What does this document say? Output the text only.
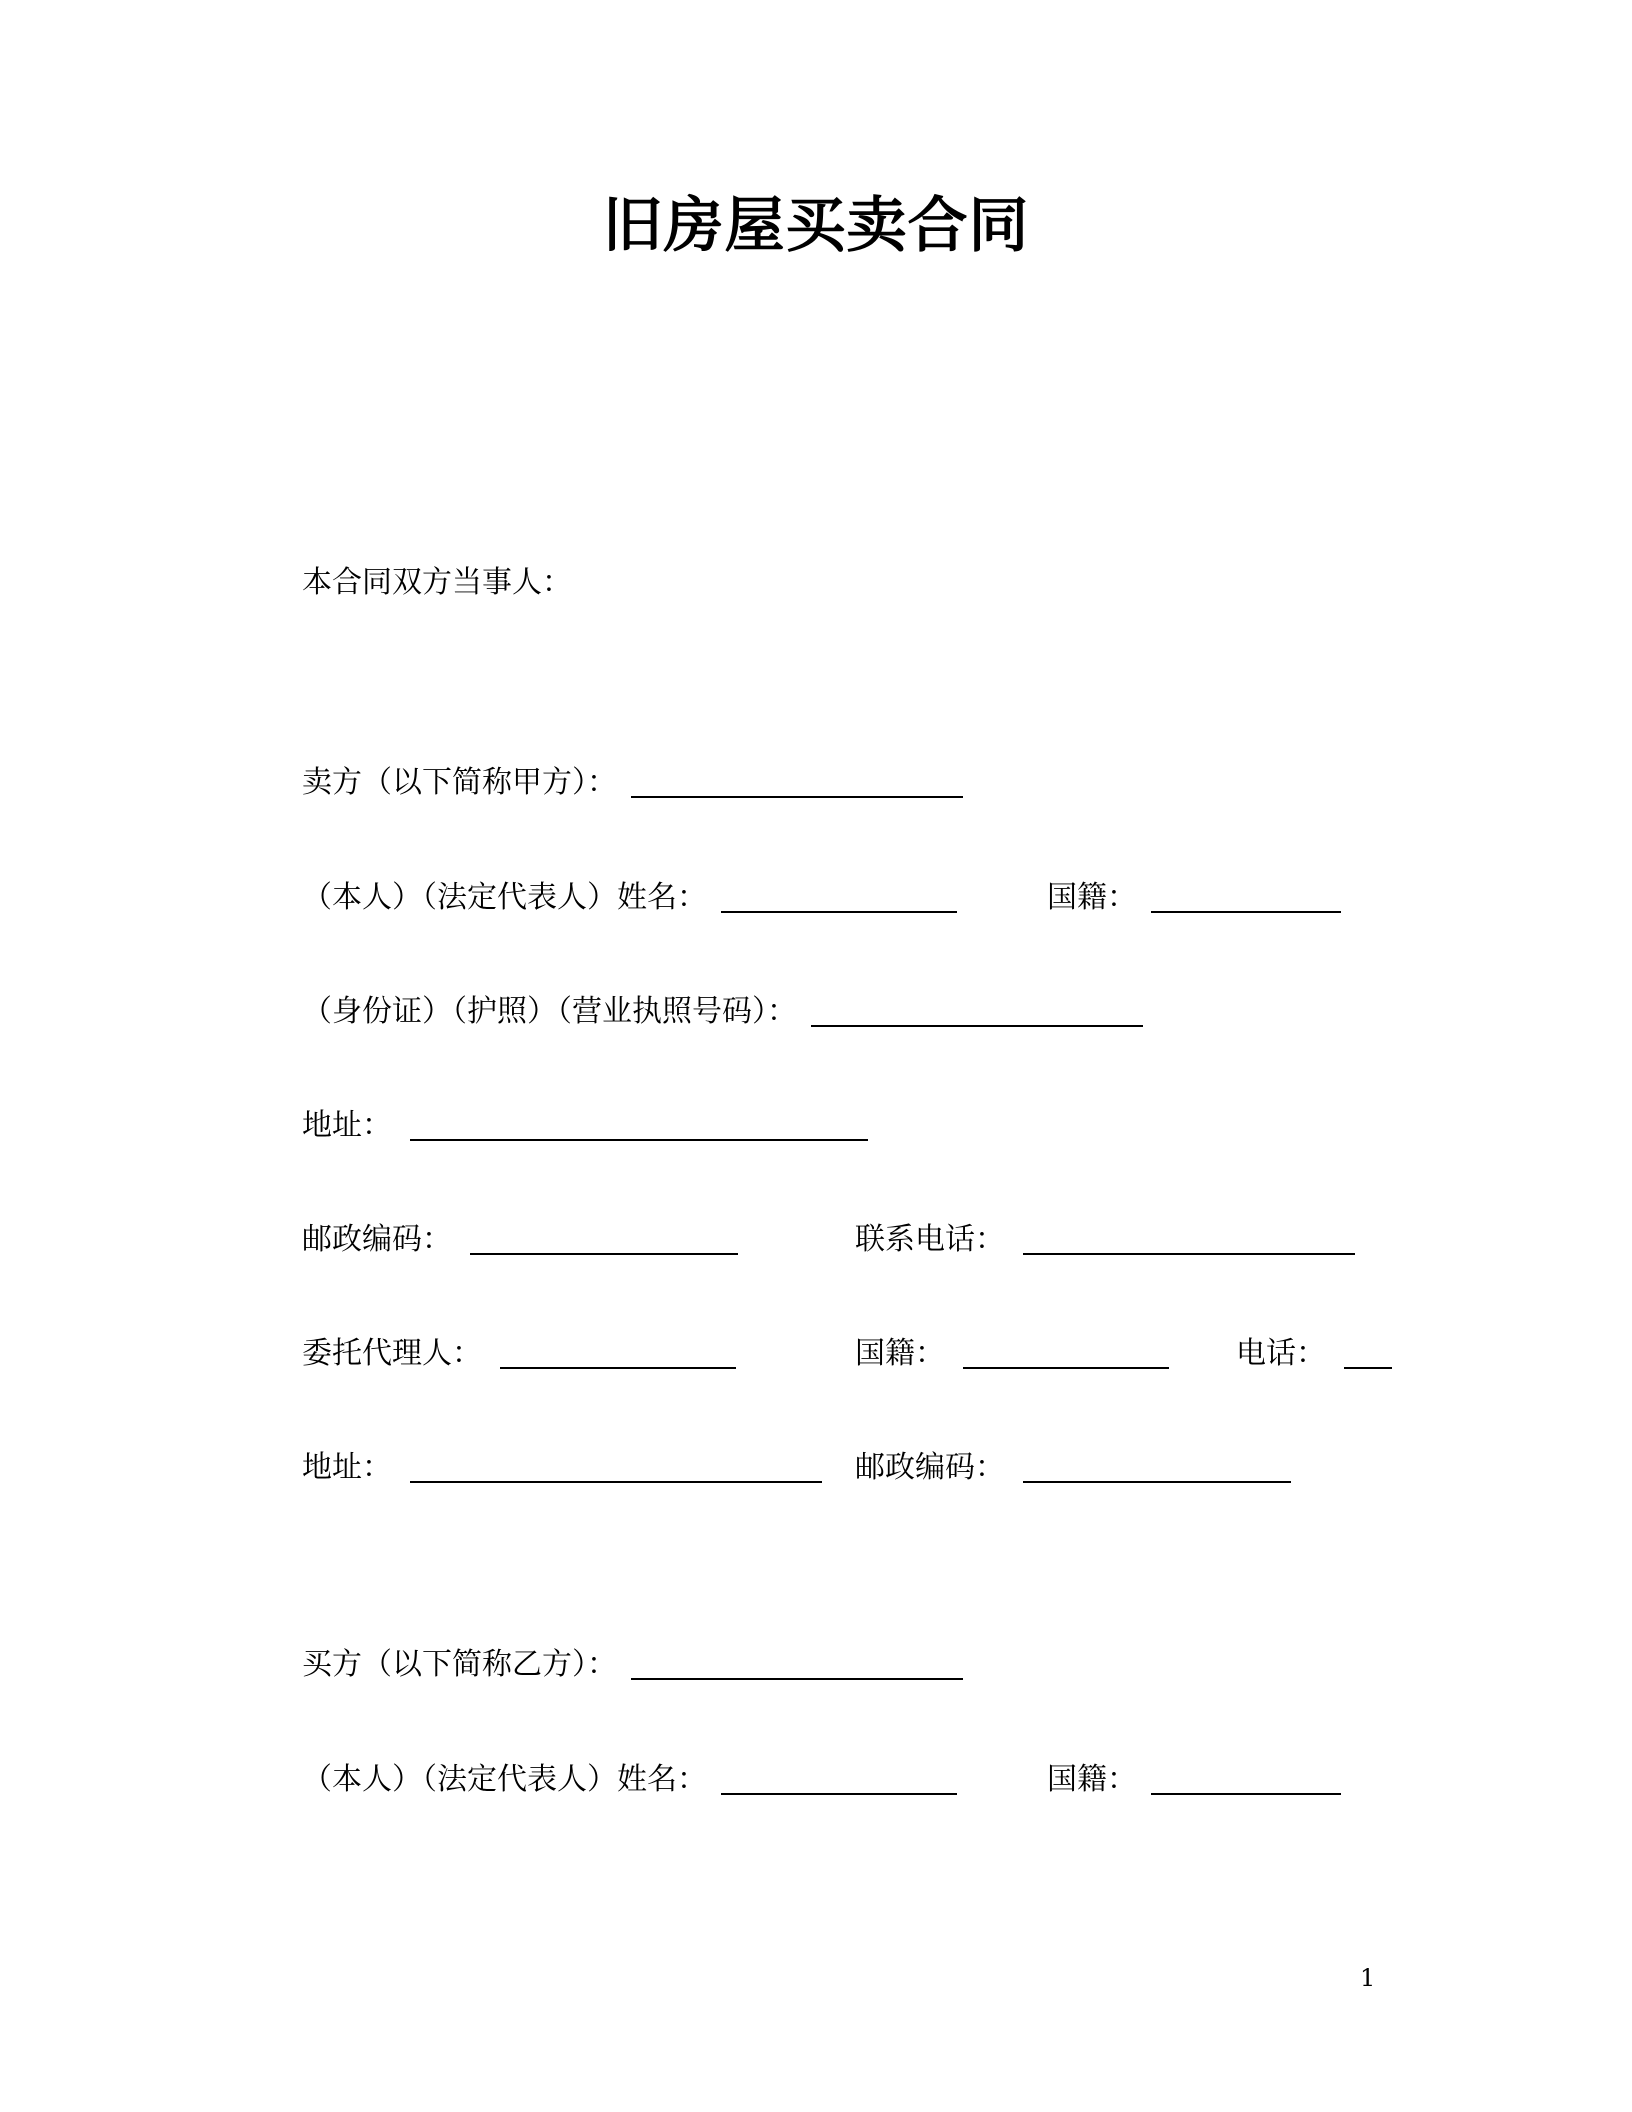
旧房屋买卖合同
本合同双方当事人：
卖方（以下简称甲方）：
（本人）（法定代表人）姓名：	国籍：
（身份证）（护照）（营业执照号码）：
地址：
邮政编码：	联系电话：
委托代理人：	国籍：	电话：
地址：	邮政编码：
买方（以下简称乙方）：
（本人）（法定代表人）姓名：	国籍：
1
